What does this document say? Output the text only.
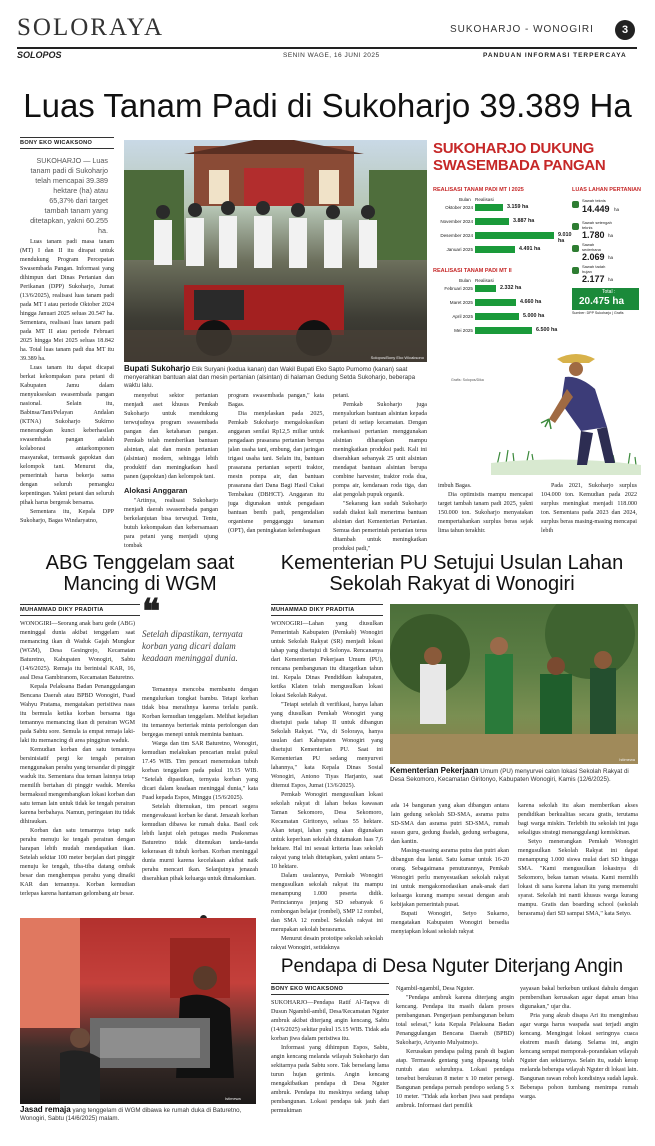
SOLORAYA	SUKOHARJO - WONOGIRI	3
SOLOPOS	SENIN WAGE, 16 JUNI 2025	PANDUAN INFORMASI TERPERCAYA
Luas Tanam Padi di Sukoharjo 39.389 Ha
BONY EKO WICAKSONO
SUKOHARJO — Luas tanam padi di Sukoharjo telah mencapai 39.389 hektare (ha) atau 65,37% dari target tambah tanam yang ditetapkan, yakni 60.255 ha.

Luas tanam padi masa tanam (MT) I dan II itu dirapat untuk mendukung Program Percepatan Swasembada Pangan. Informasi yang dihimpun dari Dinas Pertanian dan Perikanan (DPP) Sukoharjo, Jumat (13/6/2025), realisasi luas tanam padi pada MT I atau periode Oktober 2024 hingga Januari 2025 seluas 20.547 ha. Sementara, realisasi luas tanam padi pada MT II atau periode Februari 2025 hingga Mei 2025 seluas 18.842 ha. Total luas tanam padi dua MT itu 39.389 ha.

Luas tanam itu dapat dicapai berkat kekompakan para petani di Kabupaten Jamu dalam menyukseskan swasembada pangan nasional. Selain itu, Babinsa/Tani/Pelayan Andalan (KTNA) Sukoharjo Sukirno menerangkan kunci keberhasilan swasembada pangan adalah kolaborasi antarkomponen masyarakat, termasuk gapoktan dan kelompok tani. Menurut dia, pemerintah harus bekerja sama dengan seluruh pemangku kepentingan. Yakni petani dan seluruh pihak harus bergerak bersama.

Sementara itu, Kepala DPP Sukoharjo, Bagas Windaryatno,

Solopos/Bony Eko Wicaksono
Bupati Sukoharjo Etik Suryani (kedua kanan) dan Wakil Bupati Eko Sapto Purnomo (kanan) saat menyerahkan bantuan alat dan mesin pertanian (alsintan) di halaman Gedung Setda Sukoharjo, beberapa waktu lalu.

menyebut sektor pertanian menjadi aset khusus Pemkab Sukoharjo untuk mendukung terwujudnya program swasembada pangan dan ketahanan pangan. Pemkab telah memberikan bantuan alsintan, alat dan mesin pertanian (alsintan) modern, sehingga lebih produktif dan meningkatkan hasil panen (gapoktan) dan kelompok tani.

Alokasi Anggaran

"Artinya, realisasi Sukoharjo menjadi daerah swasembada pangan berkelanjutan bisa terwujud. Tentu, butuh kekompakan dan kebersamaan para petani yang menjadi ujung tombak

program swasembada pangan," kata Bagas.

Dia menjelaskan pada 2025, Pemkab Sukoharjo mengalokasikan anggaran senilai Rp12,5 miliar untuk pengadaan prasarana pertanian berupa jalan usaha tani, embung, dan jaringan irigasi usaha tani. Selain itu, bantuan prasarana pertanian seperti traktor, mesin pompa air, dan bantuan prasarana dari Dana Bagi Hasil Cukai Tembakau (DBHCT). Anggaran itu juga digunakan untuk pengadaan bantuan benih padi, pengendalian organisme pengganggu tanaman (OPT), dan peningkatan kelembagaan

petani.

Pemkab Sukoharjo juga menyalurkan bantuan alsintan kepada petani di setiap kecamatan. Dengan mekanisasi pertanian menggunakan alsintan diharapkan mampu meningkatkan produksi padi. Kali ini diserahkan sebanyak 25 unit alsintan mendapat bantuan alsintan berupa combine harvester, traktor roda dua, pompa air, kendaraan roda tiga, dan alat pengolah pupuk organik.

"Sekarang kan sudah Sukoharjo sudah diakui kali menerima bantuan alsintan dari Kementerian Pertanian. Semua dan pemerintah pertanian terus ditambah untuk meningkatkan produksi padi,"

SUKOHARJO DUKUNG
SWASEMBADA PANGAN
REALISASI TANAM PADI MT I 2025
Bulan Realisasi
Oktober 2024	3.159 ha
November 2024	3.887 ha
Desember 2024	9.010 ha
Januari 2025	4.491 ha
REALISASI TANAM PADI MT II
Bulan Realisasi
Februari 2025	2.332 ha
Maret 2025	4.660 ha
April 2025	5.000 ha
Mei 2025	6.500 ha
LUAS LAHAN PERTANIAN
Sawah teknis
14.449 ha
Sawah setengah teknis
1.780 ha
Sawah sederhana
2.069 ha
Sawah tadah hujan
2.177 ha
Total :
20.475 ha
Sumber: DPP Sukoharjo | Grafis
Grafis: Solopos/Dika

imbuh Bagas.

Dia optimistis mampu mencapai target tambah tanam padi 2025, yakni 150.000 ton. Sukoharjo menyatakan mempertahankan surplus beras sejak lima tahun terakhir.

Pada 2021, Sukoharjo surplus 104.000 ton. Kemudian pada 2022 surplus meningkat menjadi 118.000 ton. Sementara pada 2023 dan 2024, surplus beras masing-masing mencapai lebih

ABG Tenggelam saat
Mancing di WGM
MUHAMMAD DIKY PRADITIA	❝
Setelah dipastikan, ternyata korban yang dicari dalam keadaan meninggal dunia.

WONOGIRI—Seorang anak baru gede (ABG) meninggal dunia akibat tenggelam saat memancing ikan di Waduk Gajah Mungkur (WGM), Desa Gesingrejo, Kecamatan Baturetno, Kabupaten Wonogiri, Sabtu (14/6/2025). Remaja itu berinisial KAR, 16, asal Desa Gambiranom, Kecamatan Baturetno.

Kepala Pelaksana Badan Penanggulangan Bencana Daerah atau BPBD Wonogiri, Fuad Wahyu Pratama, mengatakan perisitiwa naas itu bermula ketika korban bersama tiga temannya memancing ikan di perairan WGM pada Sabtu sore. Semula ia empat remaja laki-laki itu memancing di area pinggiran waduk.

Kemudian korban dan satu temannya bersinisiatif pergi ke tengah perairan menggunakan perahu yang tersandar di pinggir waduk itu. Sementara dua teman lainnya tetap memilih bertahan di pinggir waduk. Mereka bermaksud mengembangkan lokasi korban dan satu teman lain untuk tidak ke tengah perairan karena berbahaya. Namun, peringatan itu tidak dihiraukan.

Korban dan satu temannya tetap naik perahu menuju ke tengah perairan dengan harapan lebih mudah mendapatkan ikan. Setelah sekitar 100 meter berjalan dari pinggir menuju ke tengah, tiba-tiba datang ombak besar dan menghempas perahu yang dinaiki KAR dan temannya. Korban kemudian terlepas karena hantaman gelombang air besar.

Temannya mencoba membantu dengan mengulurkan tongkat bambu. Tetapi korban tidak bisa meraihnya karena terlalu panik. Korban kemudian tenggelam. Melihat kejadian itu temannya berteriak minta pertolongan dan bergegas menepi untuk meminta bantuan.

Warga dan tim SAR Baturetno, Wonogiri, kemudian melakukan pencarian mulai pukul 17.45 WIB. Tim pencari menemukan tubuh korban tenggelam pada pukul 19.15 WIB. "Setelah dipastikan, ternyata korban yang dicari dalam keadaan meninggal dunia," kata Fuad kepada Espos, Minggu (15/6/2025).

Setelah ditemukan, tim pencari segera mengevakuasi korban ke darat. Jenazah korban kemudian dibawa ke rumah duka. Basil cek lebih lanjut oleh petugas medis Puskesmas Baturetno tidak ditemukan tanda-tanda kekerasan di tubuh korban. Korban meninggal dunia murni karena kecelakaan akibat naik perahu mencari ikan. Selanjutnya jenazah diserahkan pihak keluarga untuk dimakamkan.

Jasad remaja yang tenggelam di WGM dibawa ke rumah duka di Baturetno, Wonogiri, Sabtu (14/6/2025) malam.
Istimewa
Kementerian PU Setujui Usulan Lahan
Sekolah Rakyat di Wonogiri
MUHAMMAD DIKY PRADITIA

WONOGIRI—Lahan yang diusulkan Pemerintah Kabupaten (Pemkab) Wonogiri untuk Sekolah Rakyat (SR) menjadi lokasi tahap yang disetujui di Solonya. Rencananya dari Kementerian Pekerjaan Umum (PU), rencana pembangunan itu ditargetkan tahun ini. Kepala Dinas Pendidikan kabupaten, ketika Klaten telah mengusulkan lokasi lokasi Sekolah Rakyat.

"Tetapi setelah di verifikasi, hanya lahan yang diusulkan Pemkab Wonogiri yang disetujui pada tahap II untuk dibangun Sekolah Rakyat. "Ya, di Soloraya, hanya usulan dari Kabupaten Wonogiri yang disetujui Kementerian PU. Saat ini Kementerian PU sedang menyurvei lahannya," kata Kepala Dinas Sosial Wonogiri, Antono Tiyas Harjanto, saat ditemui Espos, Jumat (13/6/2025).

Pemkab Wonogiri mengusulkan lokasi sekolah rakyat di lahan bekas kawasan Taman Sekomoro, Desa Sekomoro, Kecamatan Giritonyo, seluas 55 hektare. Akan tetapi, lahan yang akan digunakan untuk keperluan sekolah diutamakan luas 7,6 hektare. Hal ini sesuai kriteria luas sekolah rakyat yang telah ditetapkan, yakni antara 5–10 hektare.

Dalam usulannya, Pemkab Wonogiri mengusulkan sekolah rakyat itu mampu menampung 1.000 peserta didik. Perinciannya jenjang SD sebanyak 6 rombongan belajar (rombel), SMP 12 rombel, dan SMA 12 rombel. Sekolah rakyat ini merupakan sekolah berasrama.

Menurut desain prototipe sekolah sekolah rakyat Wonogiri, setidaknya

Istimewa
Kementerian Pekerjaan Umum (PU) menyurvei calon lokasi Sekolah Rakyat di Desa Sekomoro, Kecamatan Giritonyo, Kabupaten Wonogiri, Kamis (12/6/2025).

ada 14 bangunan yang akan dibangun antara lain gedung sekolah SD-SMA, asrama putra SD-SMA dan asrama putri SD-SMA, rumah susun guru, gedung ibadah, gedung serbaguna, dan kantin.

Masing-masing asrama putra dan putri akan dibangun dua lantai. Satu kamar untuk 16-20 orang. Sebagaimana penuturannya, Pemkab Wonogiri perlu menyesuaikan sekolah rakyat ini untuk mengakomodasikan anak-anak dari keluarga kurang mampu sesuai dengan arah kebijakan pemerintah pusat.

Bupati Wonogiri, Setyo Sukarno, mengatakan Kabupaten Wonogiri bersedia menyiapkan lokasi sekolah rakyat

karena sekolah itu akan memberikan akses pendidikan berkualitas secara gratis, terutama bagi warga miskin. Terlebih itu sekolah ini juga sekaligus strategi menanggulangi kemiskinan.

Setyo menerangkan Pemkab Wonogiri mengusulkan Sekolah Rakyat ini dapat menampung 1.000 siswa mulai dari SD hingga SMA. "Kami mengusulkan lokasinya di Sekomoro, bekas taman wisata. Kami memilih lokasi di sana karena lahan itu yang memenuhi syarat. Sekolah ini nanti khusus warga kurang mampu. Gratis dan boarding school (sekolah berasrama) dari SD sampai SMA," kata Setyo.

Pendapa di Desa Nguter Diterjang Angin
BONY EKO WICAKSONO

SUKOHARJO—Pendapa Ratif Al-Taqwa di Dusun Ngambil-ambil, Desa/Kecamatan Nguter ambruk akibat diterjang angin kencang, Sabtu (14/6/2025) sekitar pukul 15.15 WIB. Tidak ada korban jiwa dalam peristiwa itu.

Informasi yang dihimpun Espos, Sabtu, angin kencang melanda wilayah Sukoharjo dan sekitarnya pada Sabtu sore. Tak berselang lama turun hujan gerimis. Angin kencang mengakibatkan pendapa di Desa Nguter ambruk. Pendapa itu meskinya sedang tahap pembangunan. Lokasi pendapa tak jauh dari permukiman

Ngambil-ngambil, Desa Nguter.

"Pendapa ambruk karena diterjang angin kencang. Pendapa itu masih dalam proses pembangunan. Pengerjaan pembangunan belum total selesai," kata Kepala Pelaksana Badan Penanggulangan Bencana Daerah (BPBD) Sukoharjo, Ariyanto Mulyatmojo.

Kerusakan pendapa paling parah di bagian atap. Termasuk gentang yang dipasang telah runtuh atau seluruhnya. Lokasi pendapa tersebut berukuran 8 meter x 10 meter persegi. Bangunan pendapa pernah pendopo sedang 5 x 10 meter. "Tidak ada korban jiwa saat pendapa ambruk. Informasi dari pemilik

yayasan bakal berkebun unikasi dahulu dengan pembersihan kerusakan agar dapat aman bisa digunakan," ujar dia.

Pria yang akrab disapa Ari itu mengimbau agar warga harus waspada saat terjadi angin kencang. Mengingat lokasi seringnya cuaca ekstrem masih datang. Selama ini, angin kencang sempat memporak-porandakan wilayah Nguter dan sekitarnya. Selain itu, sudah kerap melanda beberapa wilayah Nguter di lokasi lain. Bangunan rawan roboh kondisinya sudah lapuk. Beberapa pohon tumbang menimpa rumah warga.
